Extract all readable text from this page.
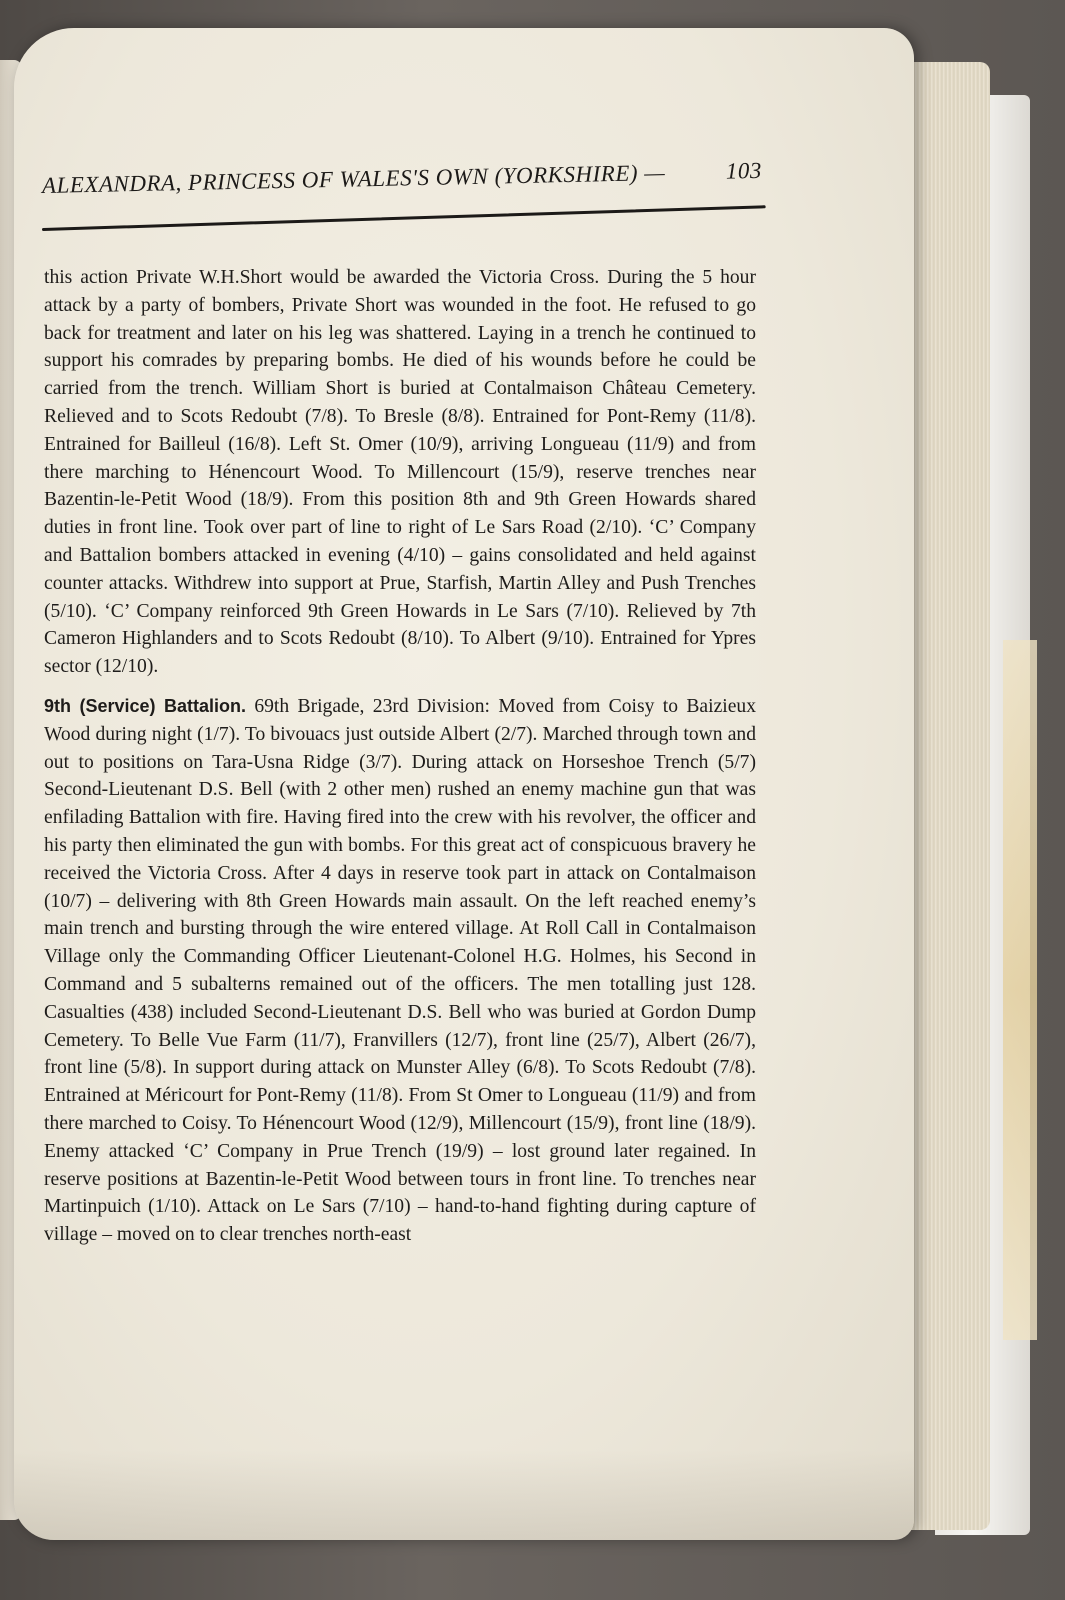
ALEXANDRA, PRINCESS OF WALES'S OWN (YORKSHIRE) —	103

this action Private W.H.Short would be awarded the Victoria Cross. During the 5 hour attack by a party of bombers, Private Short was wounded in the foot. He refused to go back for treatment and later on his leg was shattered. Laying in a trench he continued to support his comrades by preparing bombs. He died of his wounds before he could be carried from the trench. William Short is buried at Contalmaison Château Cemetery. Relieved and to Scots Redoubt (7/8). To Bresle (8/8). Entrained for Pont-Remy (11/8). Entrained for Bailleul (16/8). Left St. Omer (10/9), arriving Longueau (11/9) and from there marching to Hénencourt Wood. To Millencourt (15/9), reserve trenches near Bazentin-le-Petit Wood (18/9). From this position 8th and 9th Green Howards shared duties in front line. Took over part of line to right of Le Sars Road (2/10). ‘C’ Company and Battalion bombers attacked in evening (4/10) – gains consolidated and held against counter attacks. Withdrew into support at Prue, Starfish, Martin Alley and Push Trenches (5/10). ‘C’ Company reinforced 9th Green Howards in Le Sars (7/10). Relieved by 7th Cameron Highlanders and to Scots Redoubt (8/10). To Albert (9/10). Entrained for Ypres sector (12/10).

9th (Service) Battalion. 69th Brigade, 23rd Division: Moved from Coisy to Baizieux Wood during night (1/7). To bivouacs just outside Albert (2/7). Marched through town and out to positions on Tara-Usna Ridge (3/7). During attack on Horseshoe Trench (5/7) Second-Lieutenant D.S. Bell (with 2 other men) rushed an enemy machine gun that was enfilading Battalion with fire. Having fired into the crew with his revolver, the officer and his party then eliminated the gun with bombs. For this great act of conspicuous bravery he received the Victoria Cross. After 4 days in reserve took part in attack on Contalmaison (10/7) – delivering with 8th Green Howards main assault. On the left reached enemy’s main trench and bursting through the wire entered village. At Roll Call in Contalmaison Village only the Commanding Officer Lieutenant-Colonel H.G. Holmes, his Second in Command and 5 subalterns remained out of the officers. The men totalling just 128. Casualties (438) included Second-Lieutenant D.S. Bell who was buried at Gordon Dump Cemetery. To Belle Vue Farm (11/7), Franvillers (12/7), front line (25/7), Albert (26/7), front line (5/8). In support during attack on Munster Alley (6/8). To Scots Redoubt (7/8). Entrained at Méricourt for Pont-Remy (11/8). From St Omer to Longueau (11/9) and from there marched to Coisy. To Hénencourt Wood (12/9), Millencourt (15/9), front line (18/9). Enemy attacked ‘C’ Company in Prue Trench (19/9) – lost ground later regained. In reserve positions at Bazentin-le-Petit Wood between tours in front line. To trenches near Martinpuich (1/10). Attack on Le Sars (7/10) – hand-to-hand fighting during capture of village – moved on to clear trenches north-east
